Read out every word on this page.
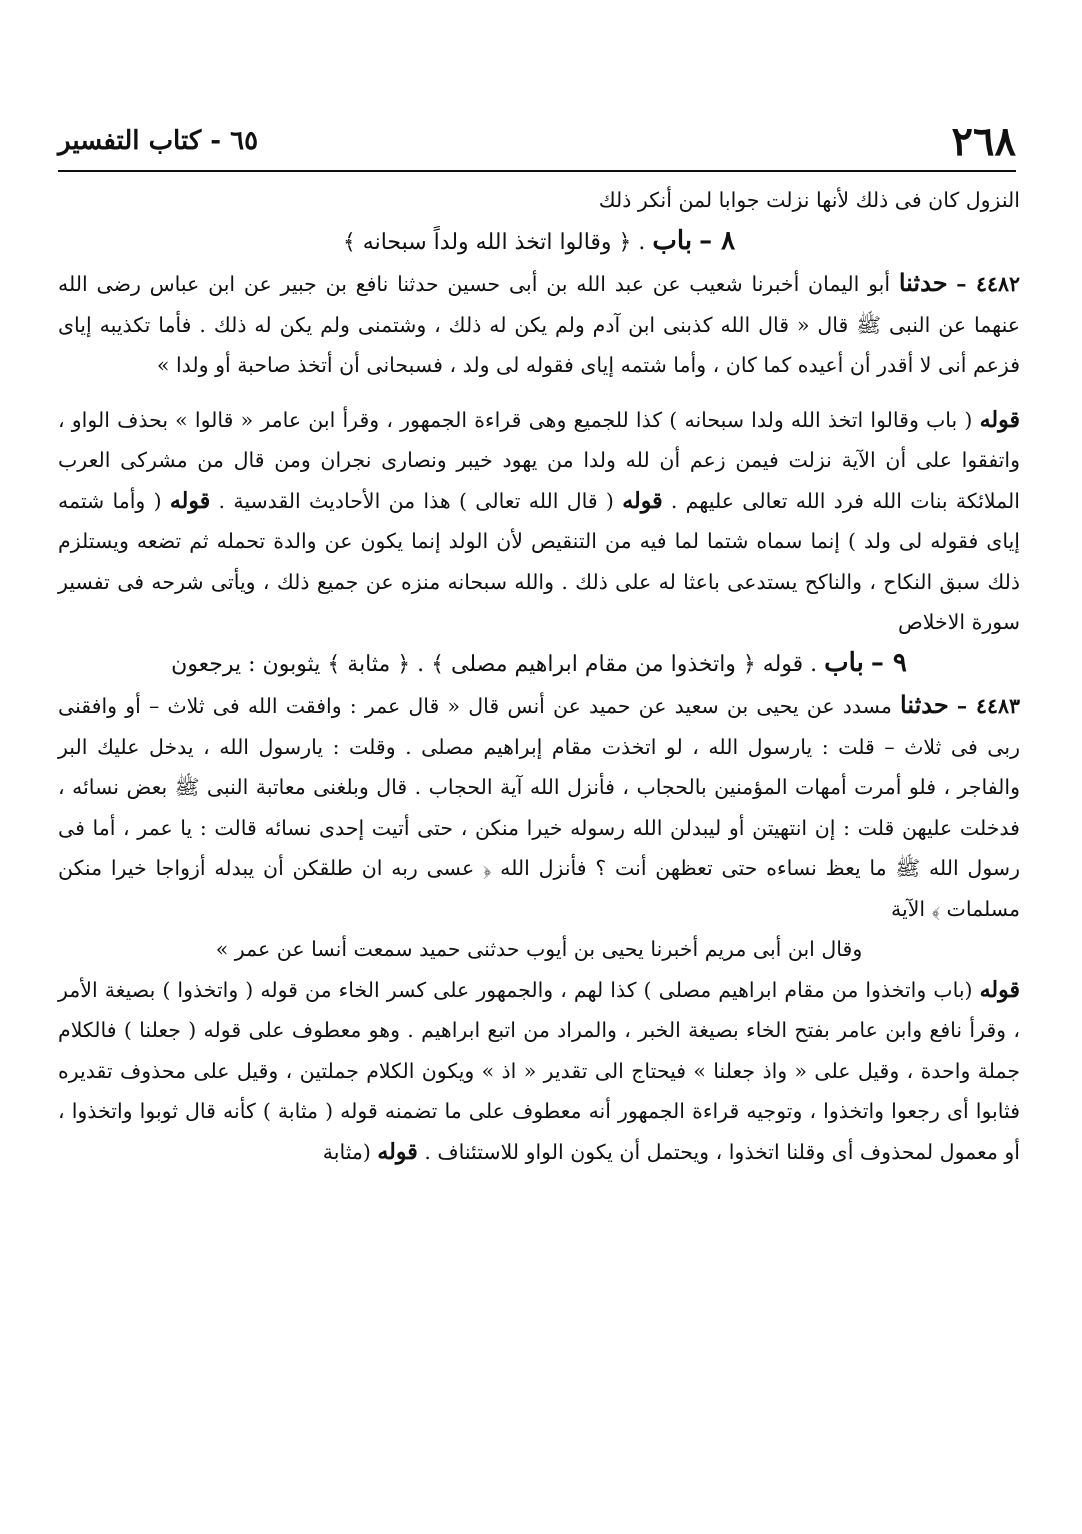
٢٦٨
٦٥ - كتاب التفسير

النزول كان فى ذلك لأنها نزلت جوابا لمن أنكر ذلك

٨ – باب . ﴿ وقالوا اتخذ الله ولداً سبحانه ﴾

٤٤٨٢ – حدثنا أبو اليمان أخبرنا شعيب عن عبد الله بن أبى حسين حدثنا نافع بن جبير عن ابن عباس رضى الله عنهما عن النبى ﷺ قال « قال الله كذبنى ابن آدم ولم يكن له ذلك ، وشتمنى ولم يكن له ذلك . فأما تكذيبه إياى فزعم أنى لا أقدر أن أعيده كما كان ، وأما شتمه إياى فقوله لى ولد ، فسبحانى أن أتخذ صاحبة أو ولدا »

قوله ( باب وقالوا اتخذ الله ولدا سبحانه ) كذا للجميع وهى قراءة الجمهور ، وقرأ ابن عامر « قالوا » بحذف الواو ، واتفقوا على أن الآية نزلت فيمن زعم أن لله ولدا من يهود خيبر ونصارى نجران ومن قال من مشركى العرب الملائكة بنات الله فرد الله تعالى عليهم . قوله ( قال الله تعالى ) هذا من الأحاديث القدسية . قوله ( وأما شتمه إياى فقوله لى ولد ) إنما سماه شتما لما فيه من التنقيص لأن الولد إنما يكون عن والدة تحمله ثم تضعه ويستلزم ذلك سبق النكاح ، والناكح يستدعى باعثا له على ذلك . والله سبحانه منزه عن جميع ذلك ، ويأتى شرحه فى تفسير سورة الاخلاص

٩ – باب . قوله ﴿ واتخذوا من مقام ابراهيم مصلى ﴾ . ﴿ مثابة ﴾ يثوبون : يرجعون

٤٤٨٣ – حدثنا مسدد عن يحيى بن سعيد عن حميد عن أنس قال « قال عمر : وافقت الله فى ثلاث – أو وافقنى ربى فى ثلاث – قلت : يارسول الله ، لو اتخذت مقام إبراهيم مصلى . وقلت : يارسول الله ، يدخل عليك البر والفاجر ، فلو أمرت أمهات المؤمنين بالحجاب ، فأنزل الله آية الحجاب . قال وبلغنى معاتبة النبى ﷺ بعض نسائه ، فدخلت عليهن قلت : إن انتهيتن أو ليبدلن الله رسوله خيرا منكن ، حتى أتيت إحدى نسائه قالت : يا عمر ، أما فى رسول الله ﷺ ما يعظ نساءه حتى تعظهن أنت ؟ فأنزل الله ﴿ عسى ربه ان طلقكن أن يبدله أزواجا خيرا منكن مسلمات ﴾ الآية

وقال ابن أبى مريم أخبرنا يحيى بن أيوب حدثنى حميد سمعت أنسا عن عمر »

قوله (باب واتخذوا من مقام ابراهيم مصلى ) كذا لهم ، والجمهور على كسر الخاء من قوله ( واتخذوا ) بصيغة الأمر ، وقرأ نافع وابن عامر بفتح الخاء بصيغة الخبر ، والمراد من اتبع ابراهيم . وهو معطوف على قوله ( جعلنا ) فالكلام جملة واحدة ، وقيل على « واذ جعلنا » فيحتاج الى تقدير « اذ » ويكون الكلام جملتين ، وقيل على محذوف تقديره فثابوا أى رجعوا واتخذوا ، وتوجيه قراءة الجمهور أنه معطوف على ما تضمنه قوله ( مثابة ) كأنه قال ثوبوا واتخذوا ، أو معمول لمحذوف أى وقلنا اتخذوا ، ويحتمل أن يكون الواو للاستئناف . قوله (مثابة
